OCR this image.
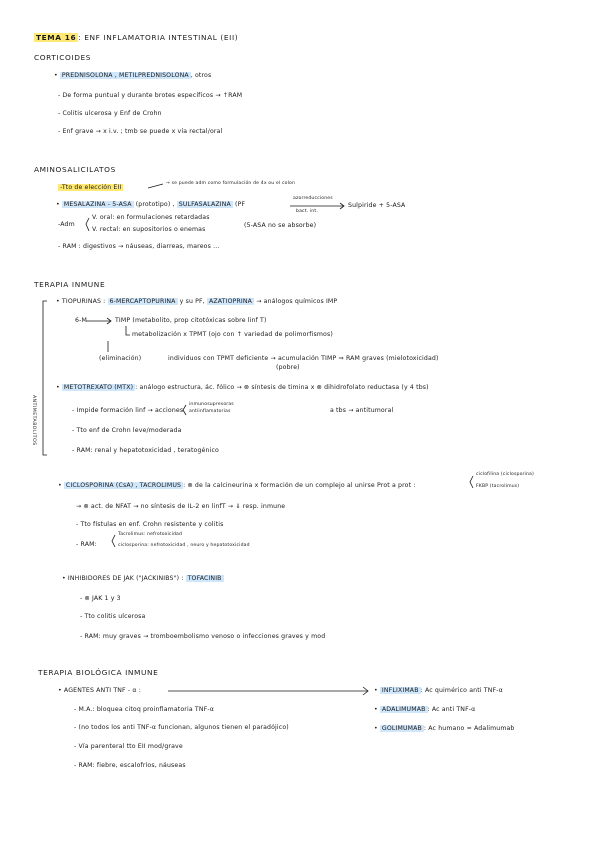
TEMA 16 : ENF INFLAMATORIA INTESTINAL (EII)
CORTICOIDES
• PREDNISOLONA , METILPREDNISOLONA , otros
- De forma puntual y durante brotes específicos → ↑RAM
- Colitis ulcerosa y Enf de Crohn
- Enf grave → x i.v. ; tmb se puede x vía rectal/oral
AMINOSALICILATOS
-Tto de elección EII
→ se puede adm como formulación de 4x ou el colon
• MESALAZINA - 5-ASA (prototipo) , SULFASALAZINA (PF
azorreducciones
bact. int.
Sulpiride + 5-ASA
-Adm
V. oral: en formulaciones retardadas
V. rectal: en supositorios o enemas
(5-ASA no se absorbe)
- RAM : digestivos → náuseas, diarreas, mareos ...
TERAPIA INMUNE
ANTIMETABOLITOS
• TIOPURINAS : 6-MERCAPTOPURINA y su PF, AZATIOPRINA → análogos químicos IMP
6-M	TIMP (metabolito, prop citotóxicas sobre linf T)
metabolización x TPMT (ojo con ↑ variedad de polimorfismos)
(eliminación)	individuos con TPMT deficiente → acumulación TIMP ⇒ RAM graves (mielotoxicidad)
(pobre)
• METOTREXATO (MTX) : análogo estructura, ác. fólico → ⊗ síntesis de timina x ⊗ dihidrofolato reductasa (y 4 tbs)
- Impide formación linf → acciones
inmunosupresoras
antiinflamatorias	a tbs → antitumoral
- Tto enf de Crohn leve/moderada
- RAM: renal y hepatotoxicidad , teratogénico
• CICLOSPORINA (CsA) , TACROLIMUS : ⊗ de la calcineurina x formación de un complejo al unirse Prot a prot :
ciclofilina (ciclosporina)
FKBP (tacrolimus)
→ ⊗ act. de NFAT → no síntesis de IL-2 en linfT → ⇓ resp. inmune
- Tto fístulas en enf. Crohn resistente y colitis
- RAM:
Tacrolimus: nefrotoxicidad
ciclosporina: nefrotoxicidad , neuro y hepatotoxicidad
• INHIBIDORES DE JAK ("JACKINIBS") : TOFACINIB
- ⊗ JAK 1 y 3
- Tto colitis ulcerosa
- RAM: muy graves → tromboembolismo venoso o infecciones graves y mod
TERAPIA BIOLÓGICA INMUNE
• AGENTES ANTI TNF - α :
- M.A.: bloquea citoq proinflamatoria TNF-α
- (no todos los anti TNF-α funcionan, algunos tienen el paradójico)
- Vía parenteral tto EII mod/grave
- RAM: fiebre, escalofríos, náuseas
• INFLIXIMAB : Ac quimérico anti TNF-α
• ADALIMUMAB : Ac anti TNF-α
• GOLIMUMAB : Ac humano ≈ Adalimumab
